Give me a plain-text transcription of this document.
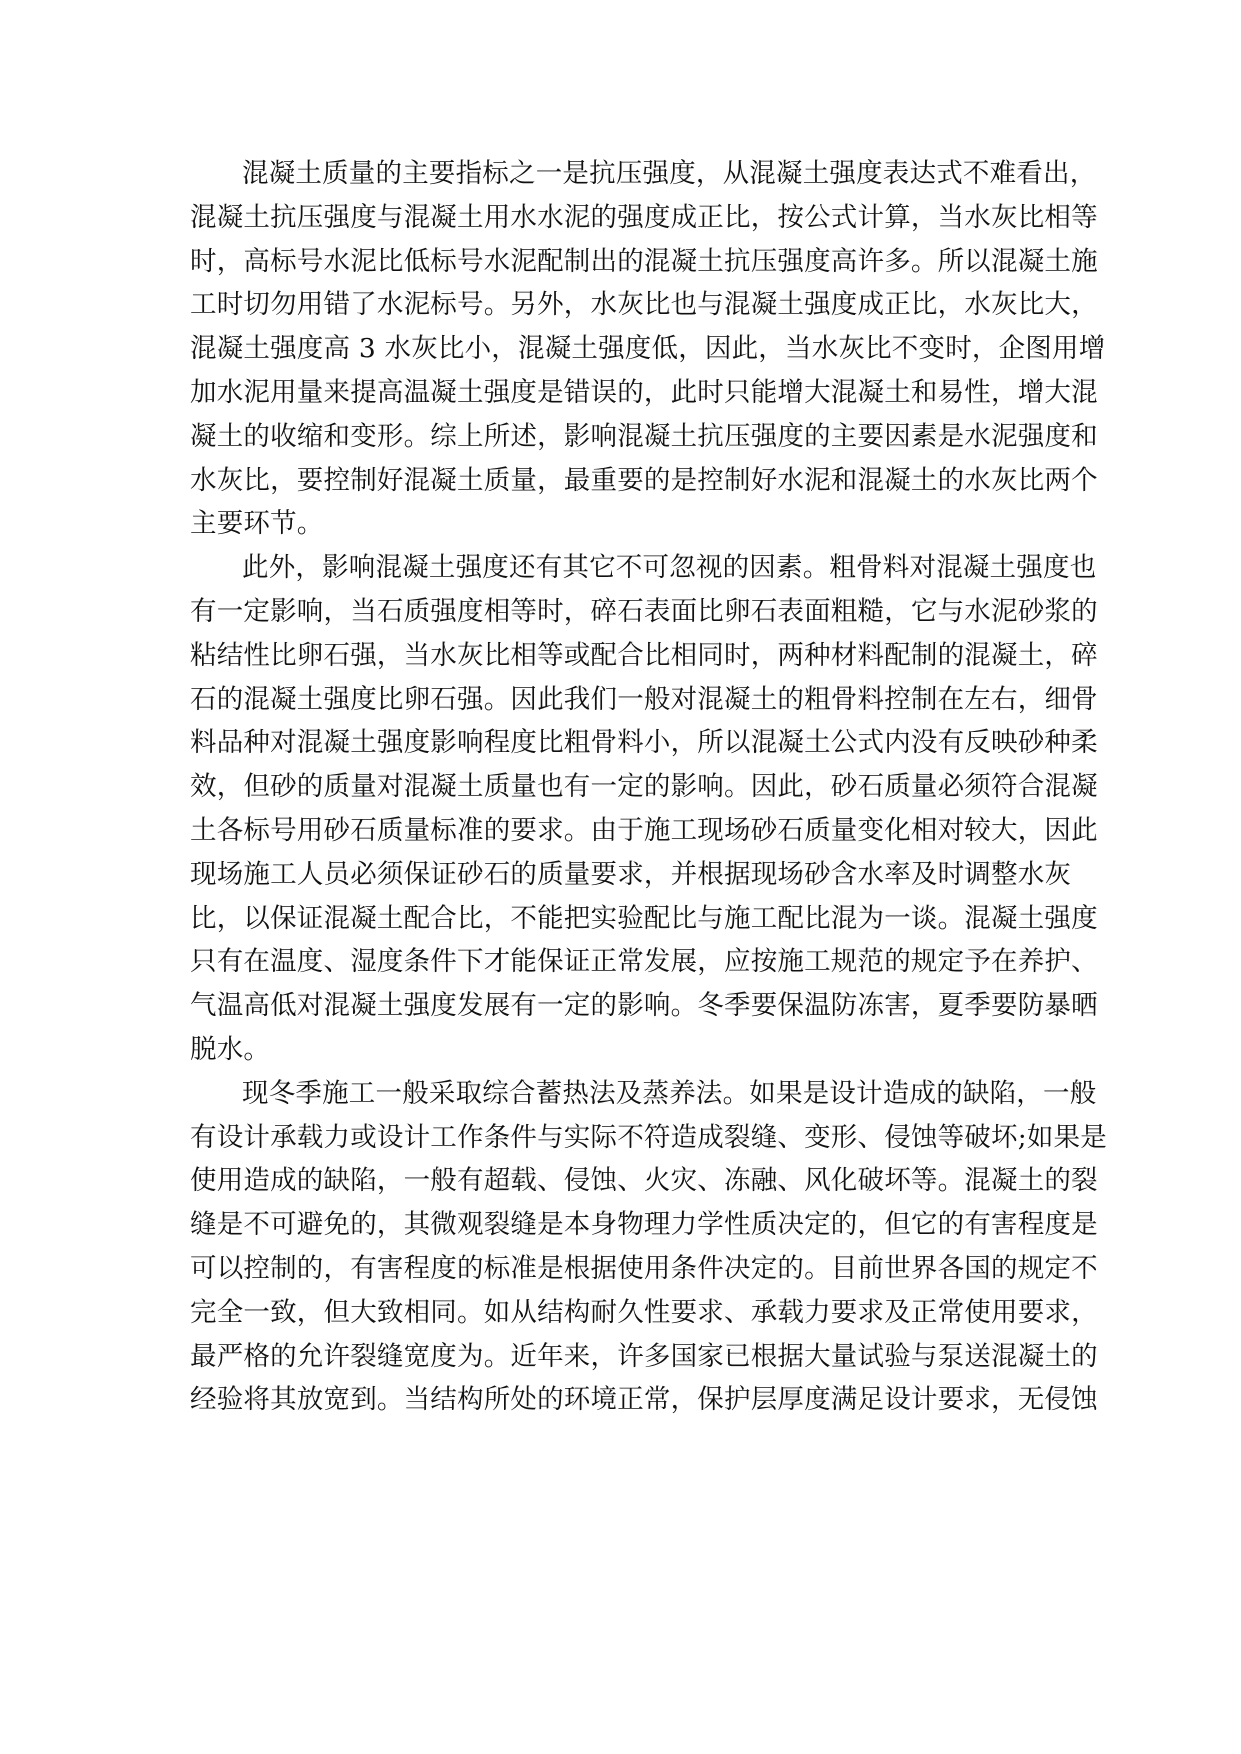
混凝土质量的主要指标之一是抗压强度，从混凝土强度表达式不难看出，
混凝土抗压强度与混凝土用水水泥的强度成正比，按公式计算，当水灰比相等
时，高标号水泥比低标号水泥配制出的混凝土抗压强度高许多。所以混凝土施
工时切勿用错了水泥标号。另外，水灰比也与混凝土强度成正比，水灰比大，
混凝土强度高 3 水灰比小，混凝土强度低，因此，当水灰比不变时，企图用增
加水泥用量来提高温凝土强度是错误的，此时只能增大混凝土和易性，增大混
凝土的收缩和变形。综上所述，影响混凝土抗压强度的主要因素是水泥强度和
水灰比，要控制好混凝土质量，最重要的是控制好水泥和混凝土的水灰比两个
主要环节。
此外，影响混凝土强度还有其它不可忽视的因素。粗骨料对混凝土强度也
有一定影响，当石质强度相等时，碎石表面比卵石表面粗糙，它与水泥砂浆的
粘结性比卵石强，当水灰比相等或配合比相同时，两种材料配制的混凝土，碎
石的混凝土强度比卵石强。因此我们一般对混凝土的粗骨料控制在左右，细骨
料品种对混凝土强度影响程度比粗骨料小，所以混凝土公式内没有反映砂种柔
效，但砂的质量对混凝土质量也有一定的影响。因此，砂石质量必须符合混凝
土各标号用砂石质量标准的要求。由于施工现场砂石质量变化相对较大，因此
现场施工人员必须保证砂石的质量要求，并根据现场砂含水率及时调整水灰
比，以保证混凝土配合比，不能把实验配比与施工配比混为一谈。混凝土强度
只有在温度、湿度条件下才能保证正常发展，应按施工规范的规定予在养护、
气温高低对混凝土强度发展有一定的影响。冬季要保温防冻害，夏季要防暴晒
脱水。
现冬季施工一般采取综合蓄热法及蒸养法。如果是设计造成的缺陷，一般
有设计承载力或设计工作条件与实际不符造成裂缝、变形、侵蚀等破坏;如果是
使用造成的缺陷，一般有超载、侵蚀、火灾、冻融、风化破坏等。混凝土的裂
缝是不可避免的，其微观裂缝是本身物理力学性质决定的，但它的有害程度是
可以控制的，有害程度的标准是根据使用条件决定的。目前世界各国的规定不
完全一致，但大致相同。如从结构耐久性要求、承载力要求及正常使用要求，
最严格的允许裂缝宽度为。近年来，许多国家已根据大量试验与泵送混凝土的
经验将其放宽到。当结构所处的环境正常，保护层厚度满足设计要求，无侵蚀
